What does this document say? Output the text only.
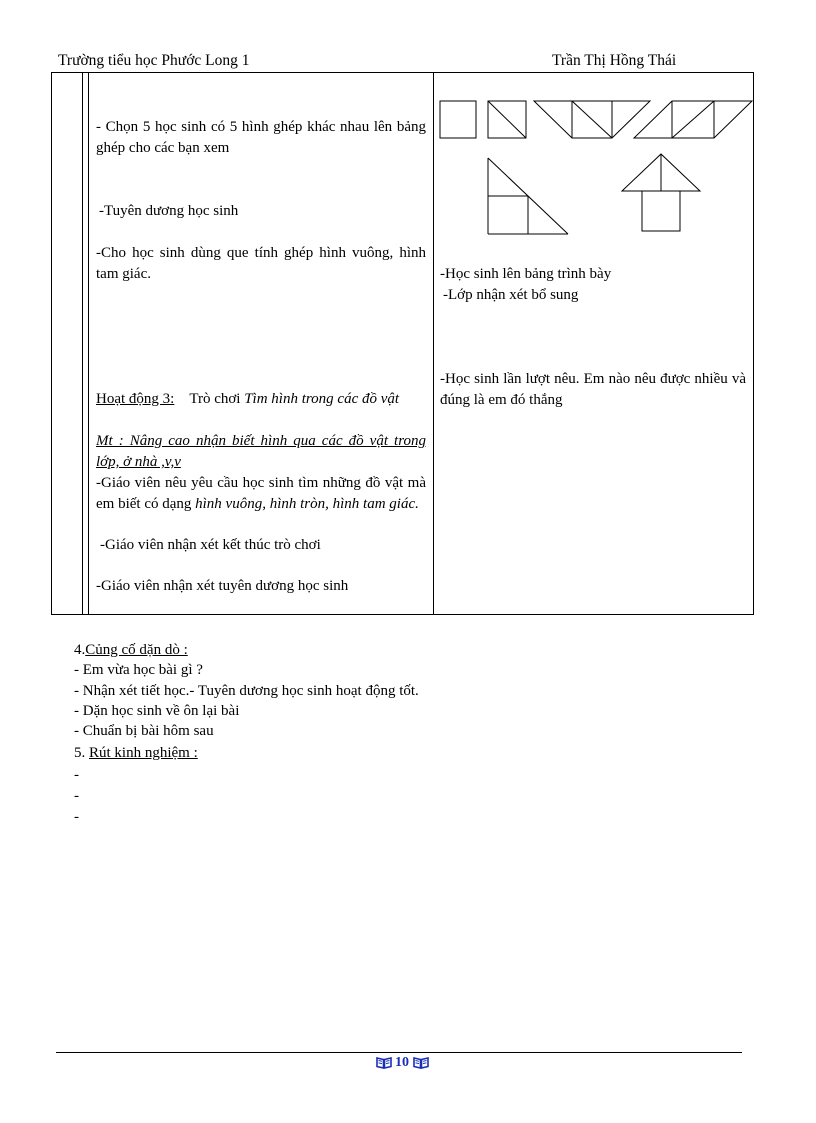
Trường tiểu học Phước Long 1	Trần Thị Hồng Thái
- Chọn 5 học sinh có 5 hình ghép khác nhau lên bảng ghép cho các bạn xem
-Tuyên dương học sinh
-Cho học sinh dùng que tính ghép hình vuông, hình tam giác.
Hoạt động 3: Trò chơi Tìm hình trong các đồ vật
Mt : Nâng cao nhận biết hình qua các đồ vật trong lớp, ở nhà ,v,v
-Giáo viên nêu yêu cầu học sinh tìm những đồ vật mà em biết có dạng hình vuông, hình tròn, hình tam giác.
-Giáo viên nhận xét kết thúc trò chơi
-Giáo viên nhận xét tuyên dương học sinh
-Học sinh lên bảng trình bày
-Lớp nhận xét bổ sung
-Học sinh lần lượt nêu. Em nào nêu được nhiều và đúng là em đó thắng
4.Củng cố dặn dò :
- Em vừa học bài gì ?
- Nhận xét tiết học.- Tuyên dương học sinh hoạt động tốt.
- Dặn học sinh về ôn lại bài
- Chuẩn bị bài hôm sau
5. Rút kinh nghiệm :
-
-
-
10
